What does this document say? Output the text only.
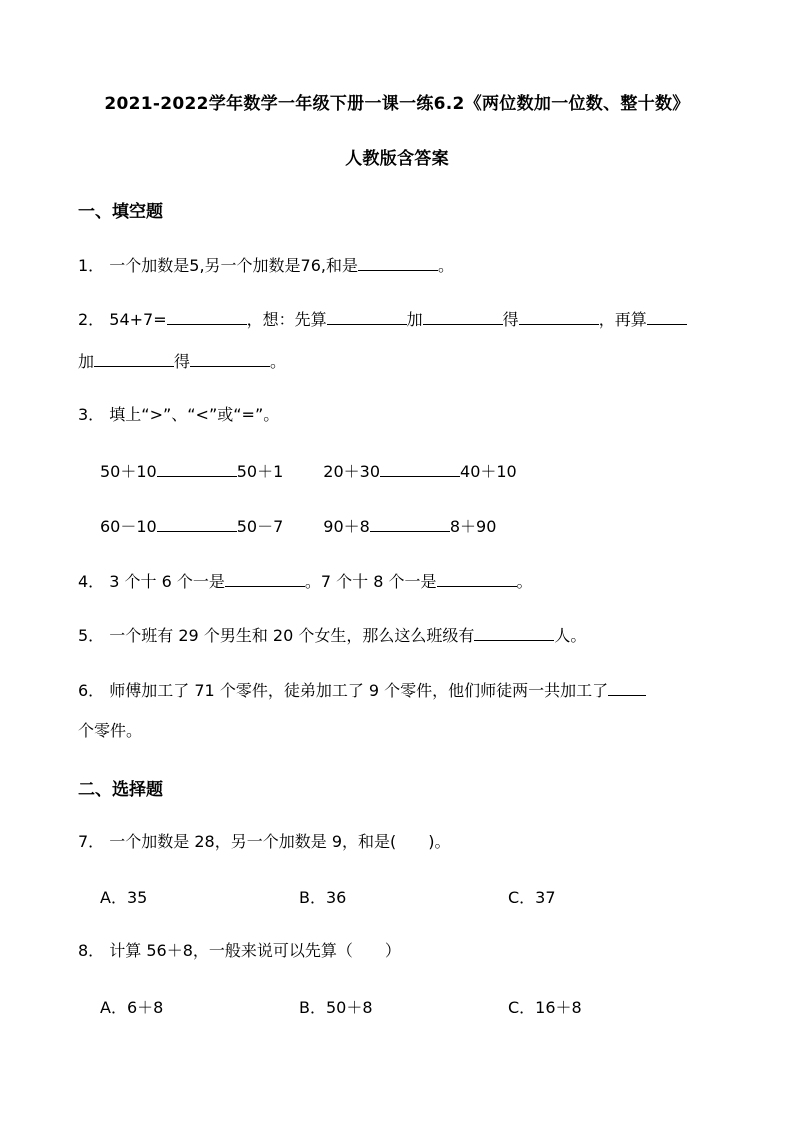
2021-2022学年数学一年级下册一课一练6.2《两位数加一位数、整十数》
人教版含答案
一、填空题
1． 一个加数是5,另一个加数是76,和是	。
2． 54+7=	，想：先算	加	得	，再算
加	得	。
3． 填上“>”、“<”或“=”。
50＋10	50＋1	20＋30	40＋10
60－10	50－7	90＋8	8＋90
4． 3 个十 6 个一是	。7 个十 8 个一是	。
5． 一个班有 29 个男生和 20 个女生，那么这么班级有	人。
6． 师傅加工了 71 个零件，徒弟加工了 9 个零件，他们师徒两一共加工了
个零件。
二、选择题
7． 一个加数是 28，另一个加数是 9，和是(　　)。
A．35	B．36	C．37
8． 计算 56＋8，一般来说可以先算（　　）
A．6＋8	B．50＋8	C．16＋8
